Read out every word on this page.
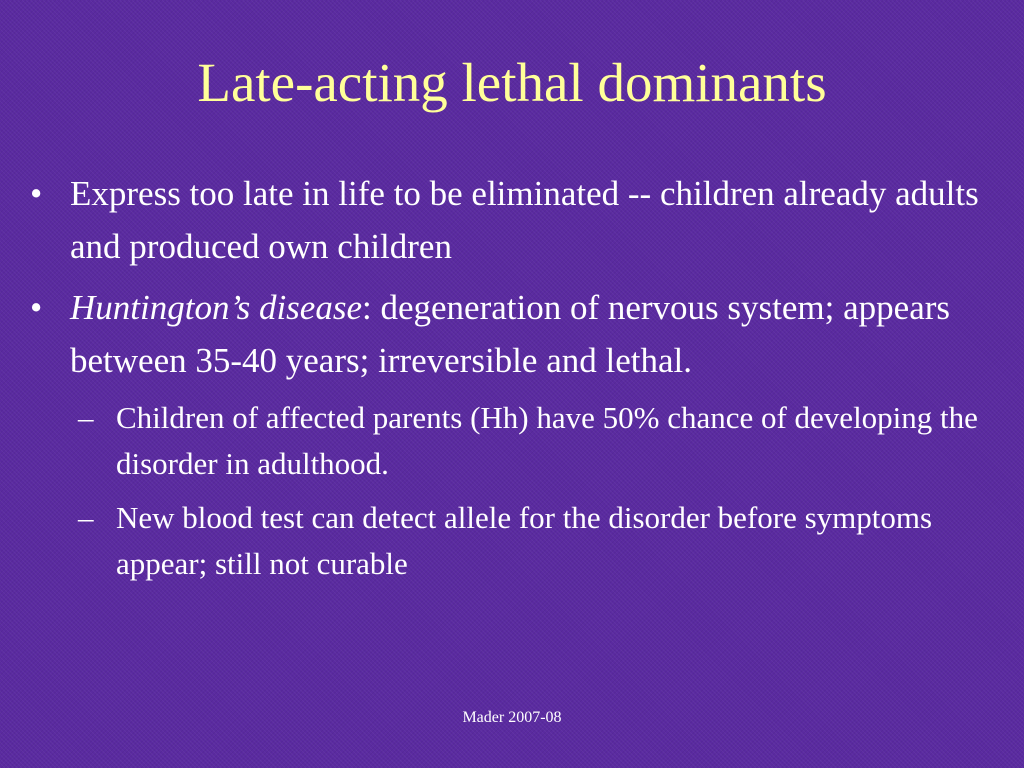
Late-acting lethal dominants
• Express too late in life to be eliminated -- children already adults and produced own children
• Huntington’s disease: degeneration of nervous system; appears between 35-40 years; irreversible and lethal.
– Children of affected parents (Hh) have 50% chance of developing the disorder in adulthood.
– New blood test can detect allele for the disorder before symptoms appear; still not curable
Mader 2007-08
